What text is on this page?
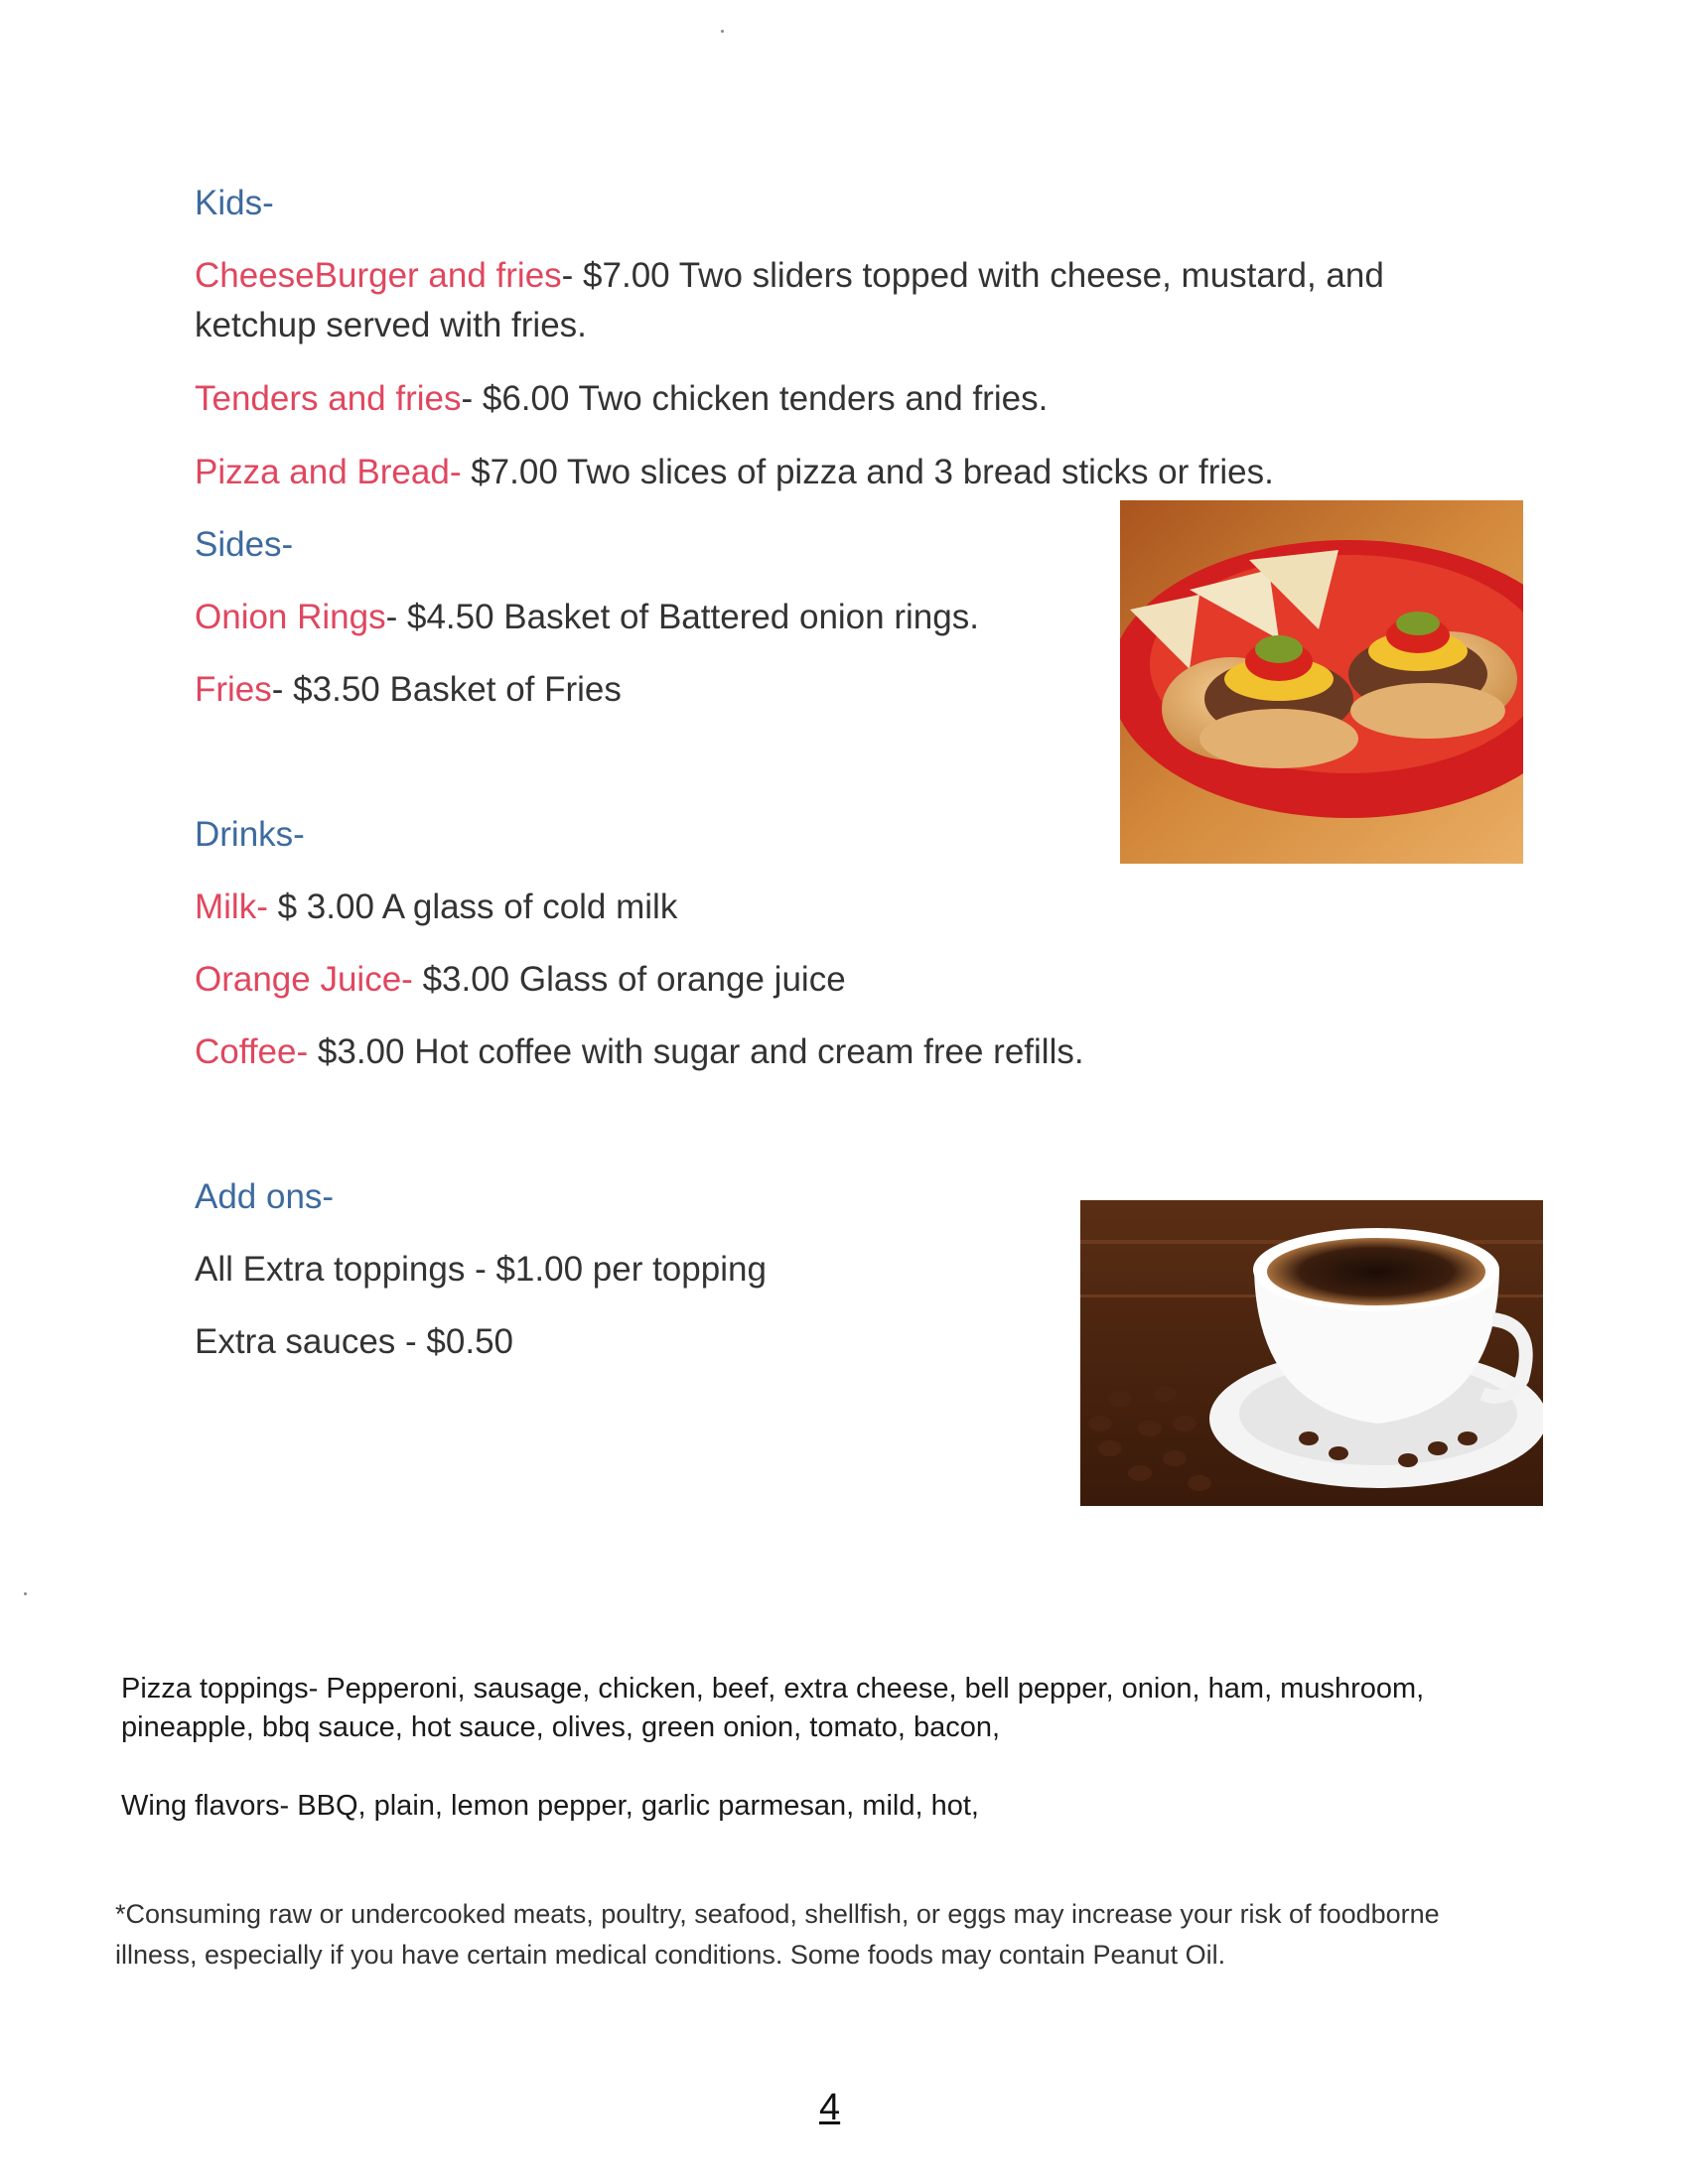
Kids-
CheeseBurger and fries- $7.00 Two sliders topped with cheese, mustard, and ketchup served with fries.
Tenders and fries- $6.00 Two chicken tenders and fries.
Pizza and Bread- $7.00 Two slices of pizza and 3 bread sticks or fries.
Sides-
Onion Rings- $4.50 Basket of Battered onion rings.
Fries- $3.50 Basket of Fries
Drinks-
Milk- $ 3.00 A glass of cold milk
Orange Juice- $3.00 Glass of orange juice
Coffee- $3.00 Hot coffee with sugar and cream free refills.
Add ons-
All Extra toppings - $1.00 per topping
Extra sauces - $0.50
Pizza toppings- Pepperoni, sausage, chicken, beef, extra cheese, bell pepper, onion, ham, mushroom, pineapple, bbq sauce, hot sauce, olives, green onion, tomato, bacon,
Wing flavors- BBQ, plain, lemon pepper, garlic parmesan, mild, hot,
*Consuming raw or undercooked meats, poultry, seafood, shellfish, or eggs may increase your risk of foodborne illness, especially if you have certain medical conditions. Some foods may contain Peanut Oil.
4
